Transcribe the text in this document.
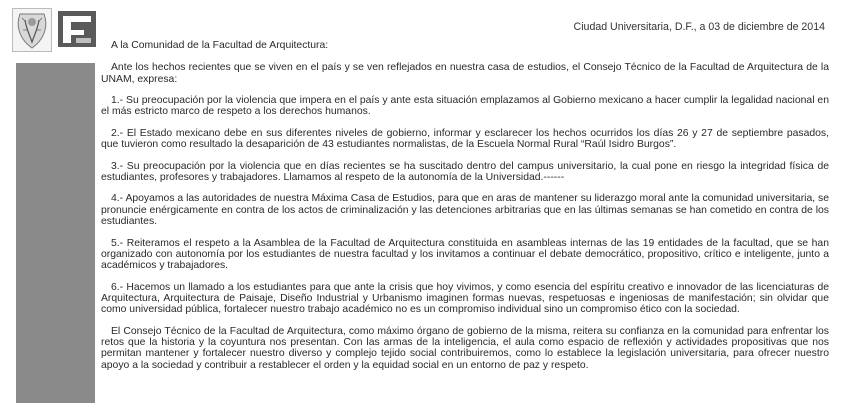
Ciudad Universitaria, D.F., a 03 de diciembre de 2014

A la Comunidad de la Facultad de Arquitectura:

Ante los hechos recientes que se viven en el país y se ven reflejados en nuestra casa de estudios, el Consejo Técnico de la Facultad de Arquitectura de la UNAM, expresa:

1.- Su preocupación por la violencia que impera en el país y ante esta situación emplazamos al Gobierno mexicano a hacer cumplir la legalidad nacional en el más estricto marco de respeto a los derechos humanos.

2.- El Estado mexicano debe en sus diferentes niveles de gobierno, informar y esclarecer los hechos ocurridos los días 26 y 27 de septiembre pasados, que tuvieron como resultado la desaparición de 43 estudiantes normalistas, de la Escuela Normal Rural “Raúl Isidro Burgos”.

3.- Su preocupación por la violencia que en días recientes se ha suscitado dentro del campus universitario, la cual pone en riesgo la integridad física de estudiantes, profesores y trabajadores. Llamamos al respeto de la autonomía de la Universidad.------

4.- Apoyamos a las autoridades de nuestra Máxima Casa de Estudios, para que en aras de mantener su liderazgo moral ante la comunidad universitaria, se pronuncie enérgicamente en contra de los actos de criminalización y las detenciones arbitrarias que en las últimas semanas se han cometido en contra de los estudiantes.

5.- Reiteramos el respeto a la Asamblea de la Facultad de Arquitectura constituida en asambleas internas de las 19 entidades de la facultad, que se han organizado con autonomía por los estudiantes de nuestra facultad y los invitamos a continuar el debate democrático, propositivo, crítico e inteligente, junto a académicos y trabajadores.

6.- Hacemos un llamado a los estudiantes para que ante la crisis que hoy vivimos, y como esencia del espíritu creativo e innovador de las licenciaturas de Arquitectura, Arquitectura de Paisaje, Diseño Industrial y Urbanismo imaginen formas nuevas, respetuosas e ingeniosas de manifestación; sin olvidar que como universidad pública, fortalecer nuestro trabajo académico no es un compromiso individual sino un compromiso ético con la sociedad.

El Consejo Técnico de la Facultad de Arquitectura, como máximo órgano de gobierno de la misma, reitera su confianza en la comunidad para enfrentar los retos que la historia y la coyuntura nos presentan. Con las armas de la inteligencia, el aula como espacio de reflexión y actividades propositivas que nos permitan mantener y fortalecer nuestro diverso y complejo tejido social contribuiremos, como lo establece la legislación universitaria, para ofrecer nuestro apoyo a la sociedad y contribuir a restablecer el orden y la equidad social en un entorno de paz y respeto.
